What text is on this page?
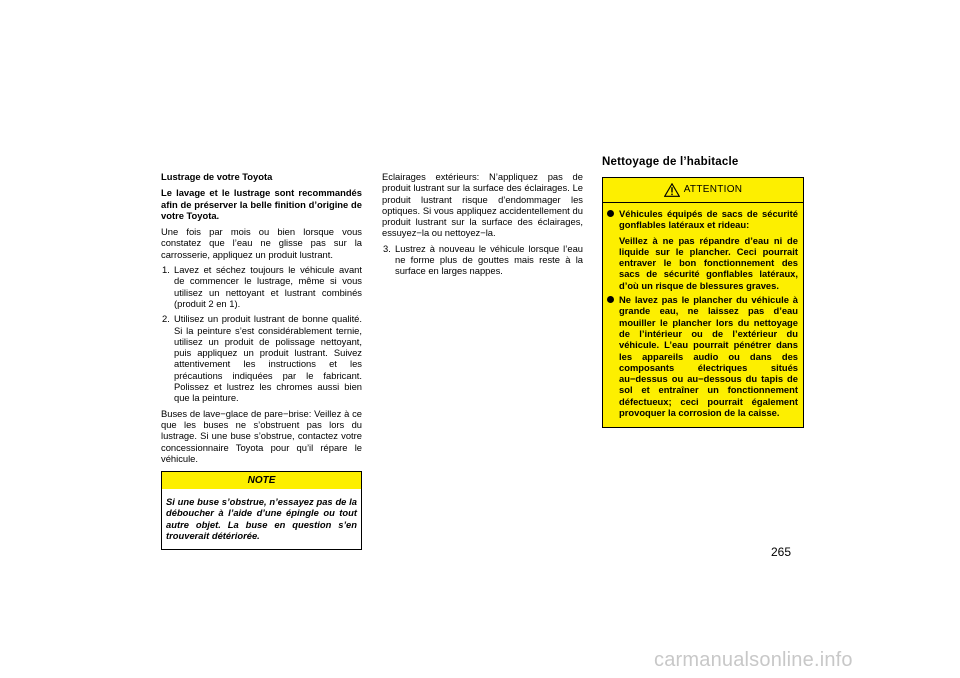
Lustrage de votre Toyota

Le lavage et le lustrage sont recommandés afin de préserver la belle finition d’origine de votre Toyota.

Une fois par mois ou bien lorsque vous constatez que l’eau ne glisse pas sur la carrosserie, appliquez un produit lustrant.

1. Lavez et séchez toujours le véhicule avant de commencer le lustrage, même si vous utilisez un nettoyant et lustrant combinés (produit 2 en 1).
2. Utilisez un produit lustrant de bonne qualité. Si la peinture s’est considérablement ternie, utilisez un produit de polissage nettoyant, puis appliquez un produit lustrant. Suivez attentivement les instructions et les précautions indiquées par le fabricant. Polissez et lustrez les chromes aussi bien que la peinture.

Buses de lave−glace de pare−brise: Veillez à ce que les buses ne s’obstruent pas lors du lustrage. Si une buse s’obstrue, contactez votre concessionnaire Toyota pour qu’il répare le véhicule.

NOTE
Si une buse s’obstrue, n’essayez pas de la déboucher à l’aide d’une épingle ou tout autre objet. La buse en question s’en trouverait détériorée.

Eclairages extérieurs: N’appliquez pas de produit lustrant sur la surface des éclairages. Le produit lustrant risque d’endommager les optiques. Si vous appliquez accidentellement du produit lustrant sur la surface des éclairages, essuyez−la ou nettoyez−la.

3. Lustrez à nouveau le véhicule lorsque l’eau ne forme plus de gouttes mais reste à la surface en larges nappes.
Nettoyage de l’habitacle
ATTENTION

Véhicules équipés de sacs de sécurité gonflables latéraux et rideau:

Veillez à ne pas répandre d’eau ni de liquide sur le plancher. Ceci pourrait entraver le bon fonctionnement des sacs de sécurité gonflables latéraux, d’où un risque de blessures graves.

Ne lavez pas le plancher du véhicule à grande eau, ne laissez pas d’eau mouiller le plancher lors du nettoyage de l’intérieur ou de l’extérieur du véhicule. L’eau pourrait pénétrer dans les appareils audio ou dans des composants électriques situés au−dessus ou au−dessous du tapis de sol et entraîner un fonctionnement défectueux; ceci pourrait également provoquer la corrosion de la caisse.

265
carmanualsonline.info
